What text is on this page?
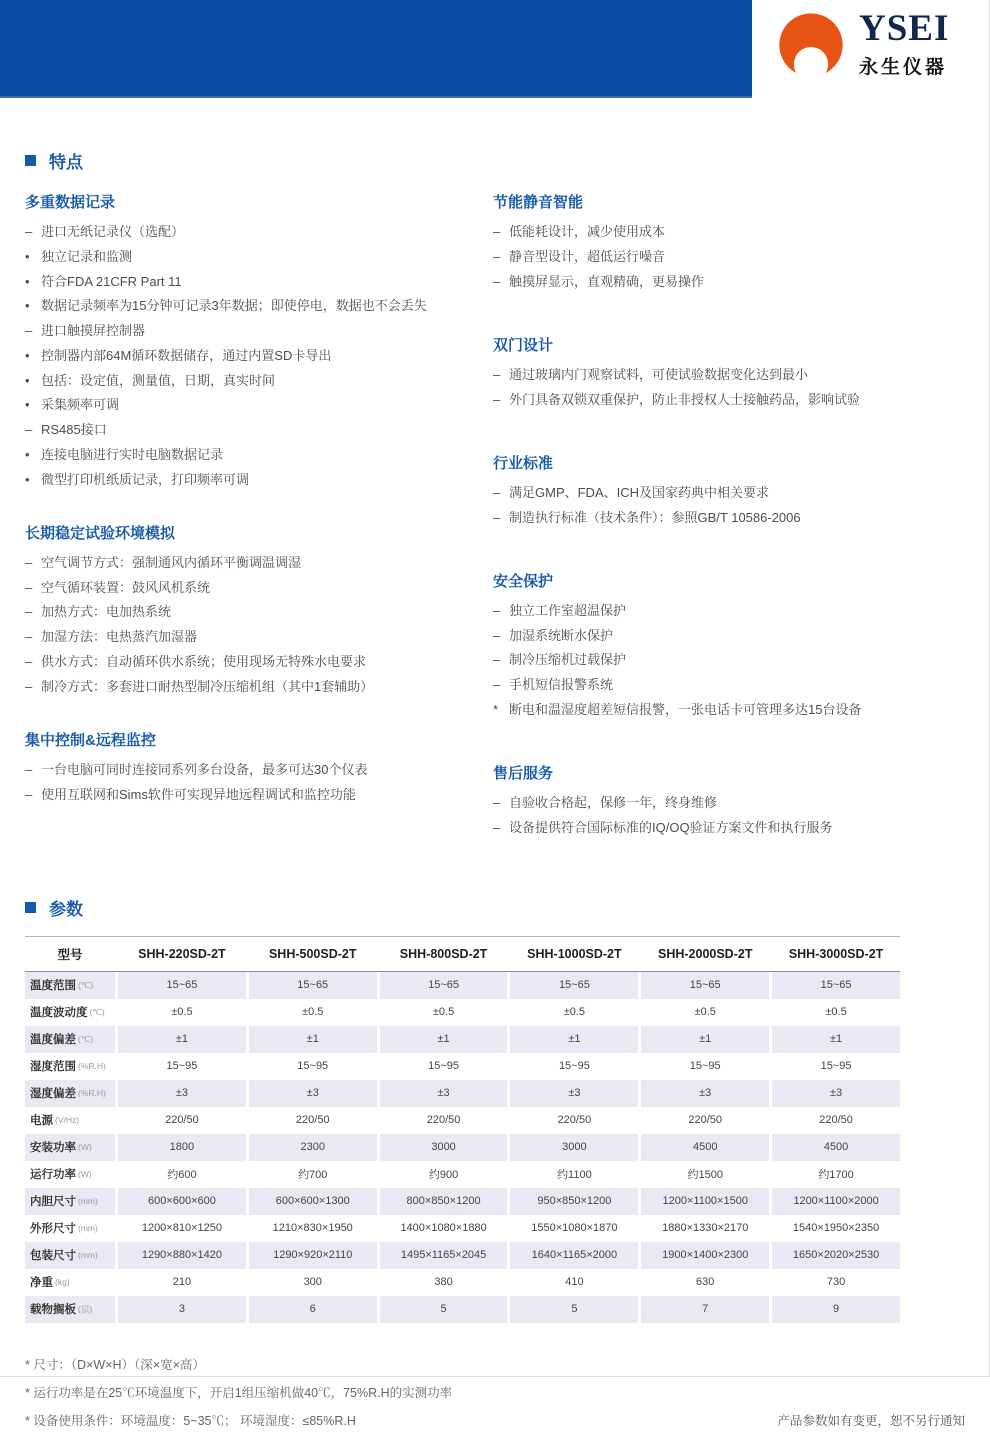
YSEI
永生仪器
特点
多重数据记录
– 进口无纸记录仪（选配）
• 独立记录和监测
• 符合FDA 21CFR Part 11
• 数据记录频率为15分钟可记录3年数据；即使停电，数据也不会丢失
– 进口触摸屏控制器
• 控制器内部64M循环数据储存，通过内置SD卡导出
• 包括：设定值，测量值，日期，真实时间
• 采集频率可调
– RS485接口
• 连接电脑进行实时电脑数据记录
• 微型打印机纸质记录，打印频率可调
长期稳定试验环境模拟
– 空气调节方式：强制通风内循环平衡调温调湿
– 空气循环装置：鼓风风机系统
– 加热方式：电加热系统
– 加湿方法：电热蒸汽加湿器
– 供水方式：自动循环供水系统；使用现场无特殊水电要求
– 制冷方式：多套进口耐热型制冷压缩机组（其中1套辅助）
集中控制&远程监控
– 一台电脑可同时连接同系列多台设备，最多可达30个仪表
– 使用互联网和Sims软件可实现异地远程调试和监控功能
节能静音智能
– 低能耗设计，减少使用成本
– 静音型设计，超低运行噪音
– 触摸屏显示，直观精确，更易操作
双门设计
– 通过玻璃内门观察试料，可使试验数据变化达到最小
– 外门具备双锁双重保护，防止非授权人士接触药品，影响试验
行业标准
– 满足GMP、FDA、ICH及国家药典中相关要求
– 制造执行标准（技术条件）：参照GB/T 10586-2006
安全保护
– 独立工作室超温保护
– 加湿系统断水保护
– 制冷压缩机过载保护
– 手机短信报警系统
* 断电和温湿度超差短信报警，一张电话卡可管理多达15台设备
售后服务
– 自验收合格起，保修一年，终身维修
– 设备提供符合国际标准的IQ/OQ验证方案文件和执行服务
参数
型号	SHH-220SD-2T	SHH-500SD-2T	SHH-800SD-2T	SHH-1000SD-2T	SHH-2000SD-2T	SHH-3000SD-2T
温度范围 (℃)	15~65	15~65	15~65	15~65	15~65	15~65
温度波动度 (℃)	±0.5	±0.5	±0.5	±0.5	±0.5	±0.5
温度偏差 (℃)	±1	±1	±1	±1	±1	±1
湿度范围 (%R.H)	15~95	15~95	15~95	15~95	15~95	15~95
湿度偏差 (%R.H)	±3	±3	±3	±3	±3	±3
电源 (V/Hz)	220/50	220/50	220/50	220/50	220/50	220/50
安装功率 (W)	1800	2300	3000	3000	4500	4500
运行功率 (W)	约600	约700	约900	约1100	约1500	约1700
内胆尺寸 (mm)	600×600×600	600×600×1300	800×850×1200	950×850×1200	1200×1100×1500	1200×1100×2000
外形尺寸 (mm)	1200×810×1250	1210×830×1950	1400×1080×1880	1550×1080×1870	1880×1330×2170	1540×1950×2350
包装尺寸 (mm)	1290×880×1420	1290×920×2110	1495×1165×2045	1640×1165×2000	1900×1400×2300	1650×2020×2530
净重 (kg)	210	300	380	410	630	730
载物搁板 (层)	3	6	5	5	7	9
* 尺寸：（D×W×H）（深×宽×高）
* 运行功率是在25℃环境温度下，开启1组压缩机做40℃，75%R.H的实测功率
* 设备使用条件：环境温度：5~35℃； 环境湿度：≤85%R.H	产品参数如有变更，恕不另行通知
